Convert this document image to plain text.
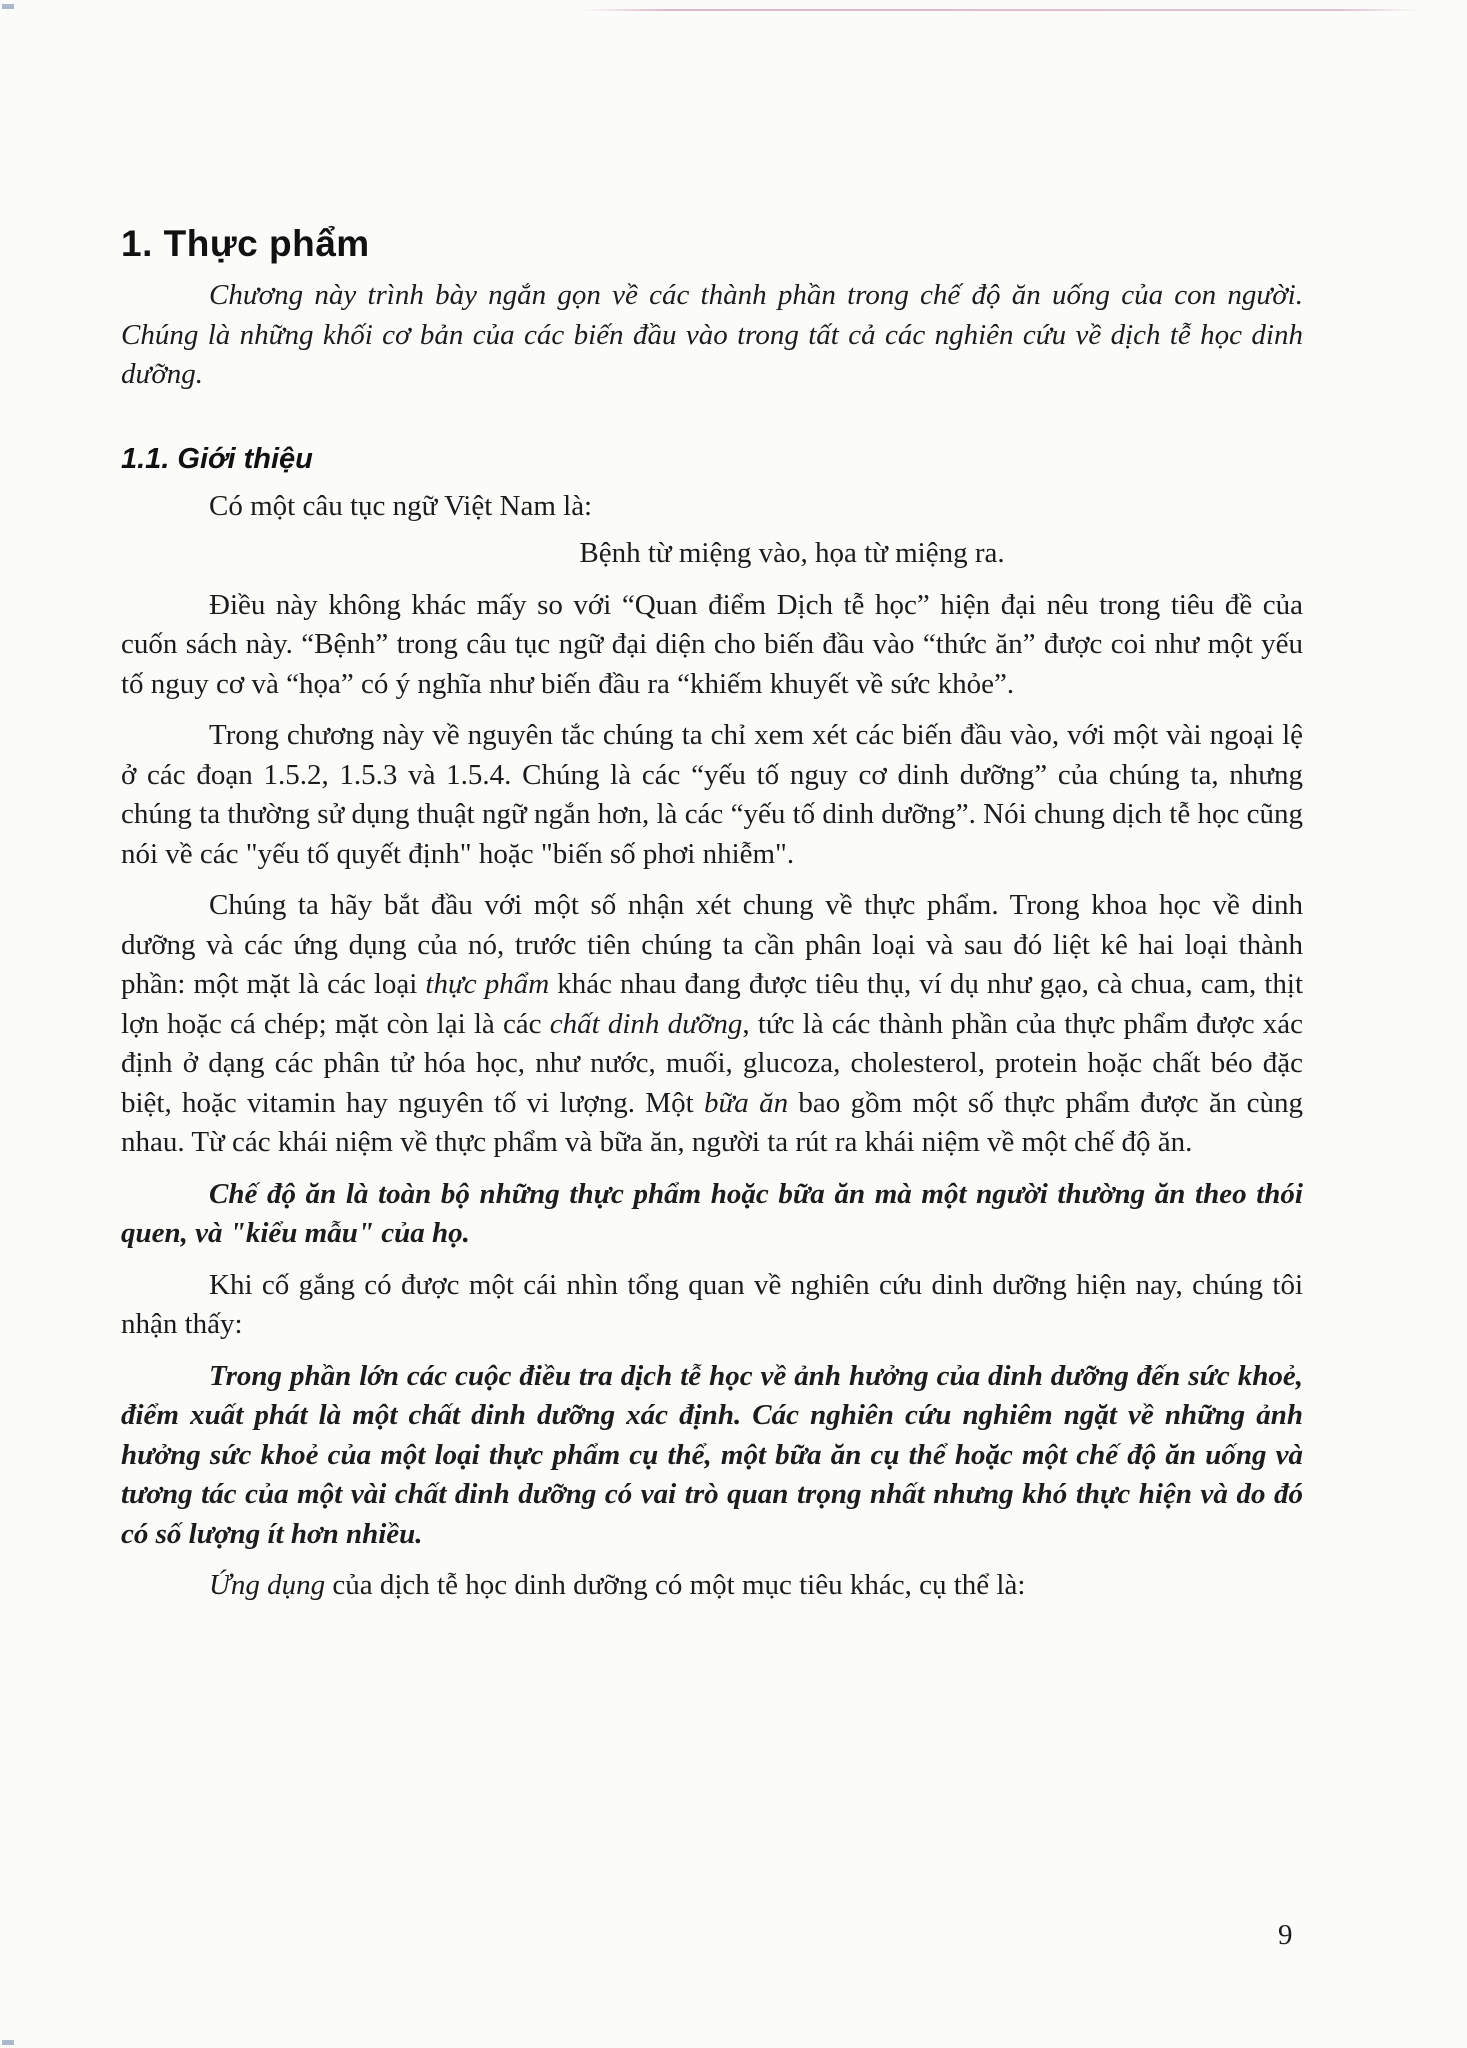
1. Thực phẩm

Chương này trình bày ngắn gọn về các thành phần trong chế độ ăn uống của con người. Chúng là những khối cơ bản của các biến đầu vào trong tất cả các nghiên cứu về dịch tễ học dinh dưỡng.

1.1. Giới thiệu

Có một câu tục ngữ Việt Nam là:

Bệnh từ miệng vào, họa từ miệng ra.

Điều này không khác mấy so với “Quan điểm Dịch tễ học” hiện đại nêu trong tiêu đề của cuốn sách này. “Bệnh” trong câu tục ngữ đại diện cho biến đầu vào “thức ăn” được coi như một yếu tố nguy cơ và “họa” có ý nghĩa như biến đầu ra “khiếm khuyết về sức khỏe”.

Trong chương này về nguyên tắc chúng ta chỉ xem xét các biến đầu vào, với một vài ngoại lệ ở các đoạn 1.5.2, 1.5.3 và 1.5.4. Chúng là các “yếu tố nguy cơ dinh dưỡng” của chúng ta, nhưng chúng ta thường sử dụng thuật ngữ ngắn hơn, là các “yếu tố dinh dưỡng”. Nói chung dịch tễ học cũng nói về các "yếu tố quyết định" hoặc "biến số phơi nhiễm".

Chúng ta hãy bắt đầu với một số nhận xét chung về thực phẩm. Trong khoa học về dinh dưỡng và các ứng dụng của nó, trước tiên chúng ta cần phân loại và sau đó liệt kê hai loại thành phần: một mặt là các loại thực phẩm khác nhau đang được tiêu thụ, ví dụ như gạo, cà chua, cam, thịt lợn hoặc cá chép; mặt còn lại là các chất dinh dưỡng, tức là các thành phần của thực phẩm được xác định ở dạng các phân tử hóa học, như nước, muối, glucoza, cholesterol, protein hoặc chất béo đặc biệt, hoặc vitamin hay nguyên tố vi lượng. Một bữa ăn bao gồm một số thực phẩm được ăn cùng nhau. Từ các khái niệm về thực phẩm và bữa ăn, người ta rút ra khái niệm về một chế độ ăn.

Chế độ ăn là toàn bộ những thực phẩm hoặc bữa ăn mà một người thường ăn theo thói quen, và "kiểu mẫu" của họ.

Khi cố gắng có được một cái nhìn tổng quan về nghiên cứu dinh dưỡng hiện nay, chúng tôi nhận thấy:

Trong phần lớn các cuộc điều tra dịch tễ học về ảnh hưởng của dinh dưỡng đến sức khoẻ, điểm xuất phát là một chất dinh dưỡng xác định. Các nghiên cứu nghiêm ngặt về những ảnh hưởng sức khoẻ của một loại thực phẩm cụ thể, một bữa ăn cụ thể hoặc một chế độ ăn uống và tương tác của một vài chất dinh dưỡng có vai trò quan trọng nhất nhưng khó thực hiện và do đó có số lượng ít hơn nhiều.

Ứng dụng của dịch tễ học dinh dưỡng có một mục tiêu khác, cụ thể là:

9
